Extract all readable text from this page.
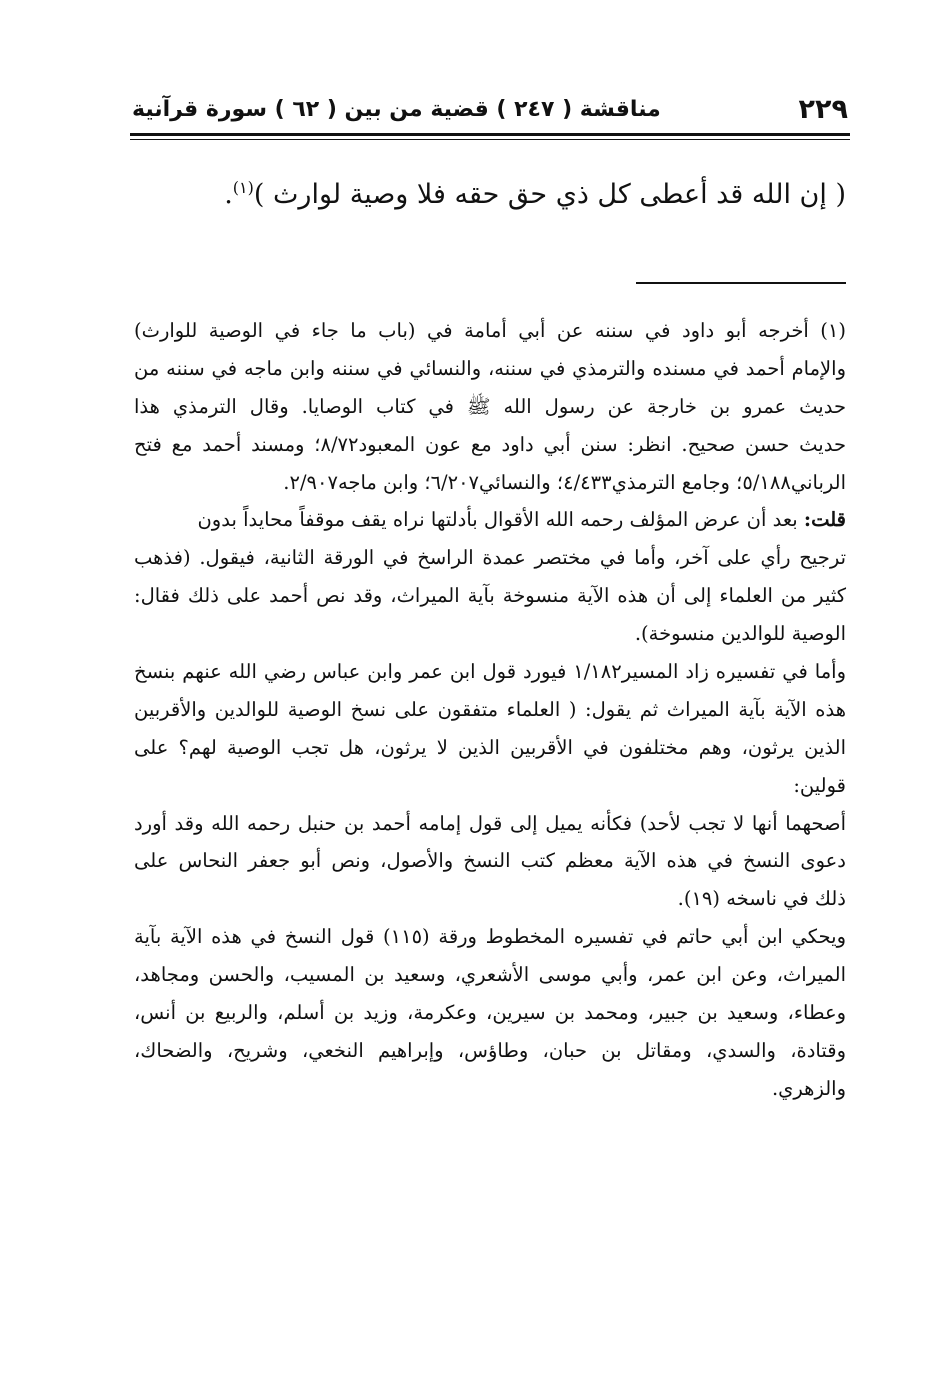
٢٢٩
مناقشة ( ٢٤٧ ) قضية من بين ( ٦٢ ) سورة قرآنية
( إن الله قد أعطى كل ذي حق حقه فلا وصية لوارث )$^{(١)}$.
(١) أخرجه أبو داود في سننه عن أبي أمامة في (باب ما جاء في الوصية للوارث)
والإمام أحمد في مسنده والترمذي في سننه، والنسائي في سننه وابن ماجه في سننه من
حديث عمرو بن خارجة عن رسول الله ﷺ في كتاب الوصايا. وقال الترمذي هذا
حديث حسن صحيح. انظر: سنن أبي داود مع عون المعبود٨/٧٢؛ ومسند أحمد مع فتح
الرباني٥/١٨٨؛ وجامع الترمذي٤/٤٣٣؛ والنسائي٦/٢٠٧؛ وابن ماجه٢/٩٠٧.
قلت: بعد أن عرض المؤلف رحمه الله الأقوال بأدلتها نراه يقف موقفاً محايداً بدون
ترجيح رأي على آخر، وأما في مختصر عمدة الراسخ في الورقة الثانية، فيقول. (فذهب
كثير من العلماء إلى أن هذه الآية منسوخة بآية الميراث، وقد نص أحمد على ذلك فقال:
الوصية للوالدين منسوخة).
وأما في تفسيره زاد المسير١/١٨٢ فيورد قول ابن عمر وابن عباس رضي الله عنهم بنسخ
هذه الآية بآية الميراث ثم يقول: ( العلماء متفقون على نسخ الوصية للوالدين والأقربين
الذين يرثون، وهم مختلفون في الأقربين الذين لا يرثون، هل تجب الوصية لهم؟ على
قولين:
أصحهما أنها لا تجب لأحد) فكأنه يميل إلى قول إمامه أحمد بن حنبل رحمه الله وقد أورد
دعوى النسخ في هذه الآية معظم كتب النسخ والأصول، ونص أبو جعفر النحاس على
ذلك في ناسخه (١٩).
ويحكي ابن أبي حاتم في تفسيره المخطوط ورقة (١١٥) قول النسخ في هذه الآية بآية
الميراث، وعن ابن عمر، وأبي موسى الأشعري، وسعيد بن المسيب، والحسن ومجاهد،
وعطاء، وسعيد بن جبير، ومحمد بن سيرين، وعكرمة، وزيد بن أسلم، والربيع بن أنس،
وقتادة، والسدي، ومقاتل بن حبان، وطاؤس، وإبراهيم النخعي، وشريح، والضحاك،
والزهري.
